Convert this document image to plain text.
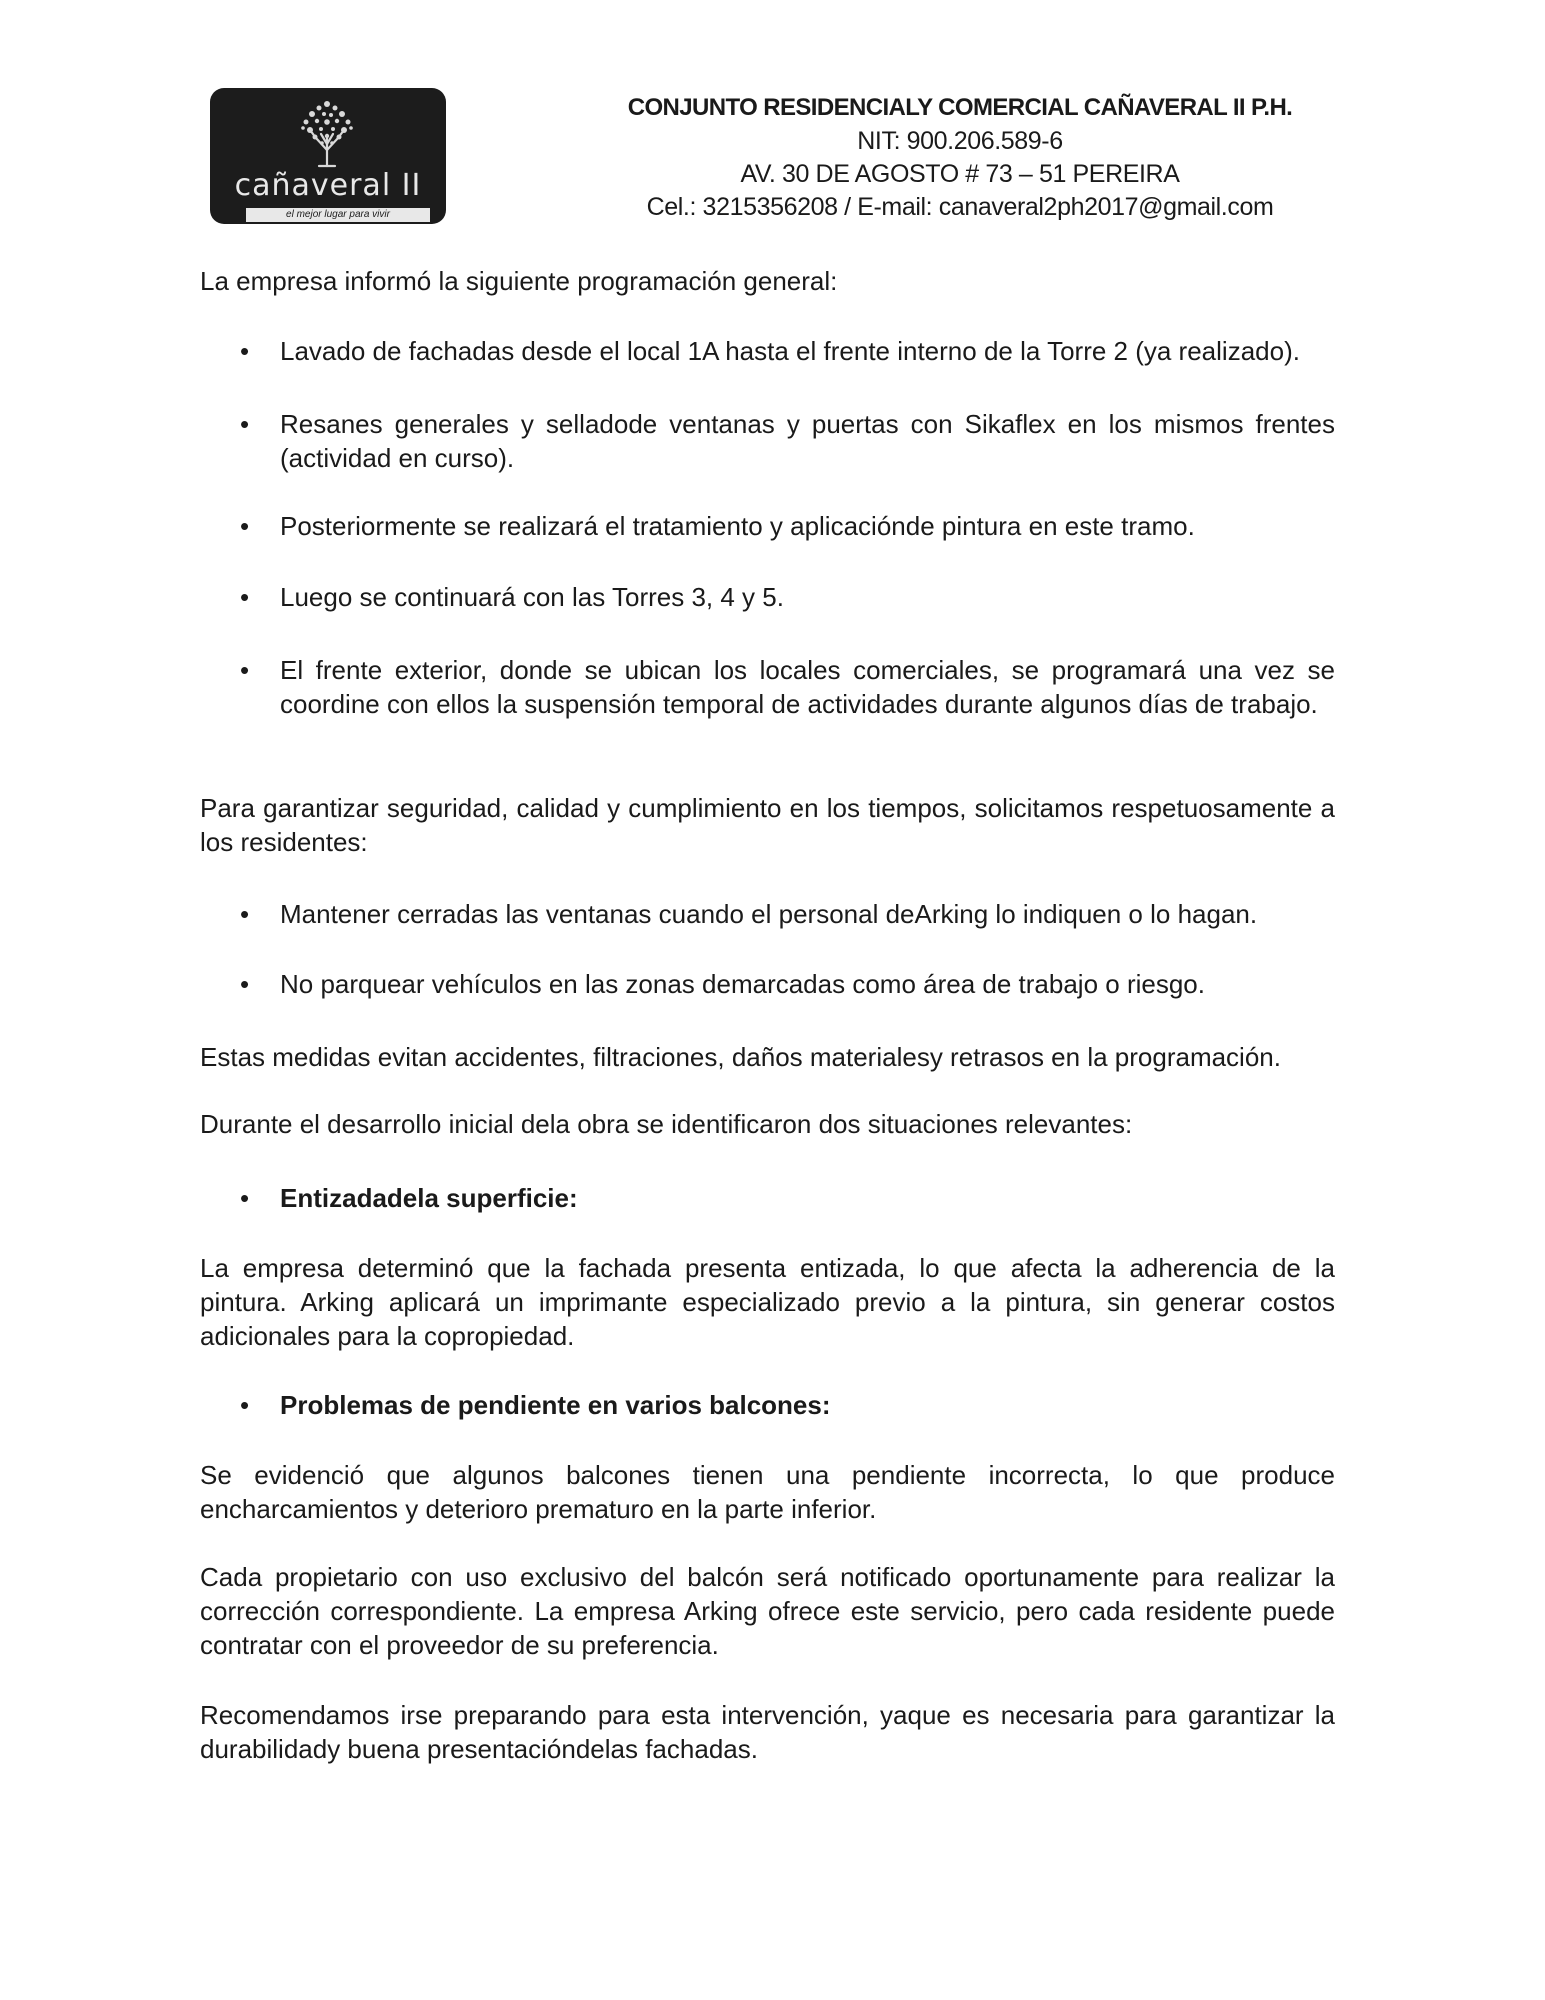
cañaveral II
el mejor lugar para vivir
CONJUNTO RESIDENCIALY COMERCIAL CAÑAVERAL II P.H.
NIT: 900.206.589-6
AV. 30 DE AGOSTO # 73 – 51 PEREIRA
Cel.: 3215356208 / E-mail: canaveral2ph2017@gmail.com

La empresa informó la siguiente programación general:

•	Lavado de fachadas desde el local 1A hasta el frente interno de la Torre 2 (ya realizado).
•	Resanes generales y selladode ventanas y puertas con Sikaflex en los mismos frentes (actividad en curso).
•	Posteriormente se realizará el tratamiento y aplicaciónde pintura en este tramo.
•	Luego se continuará con las Torres 3, 4 y 5.
•	El frente exterior, donde se ubican los locales comerciales, se programará una vez se coordine con ellos la suspensión temporal de actividades durante algunos días de trabajo.

Para garantizar seguridad, calidad y cumplimiento en los tiempos, solicitamos respetuosamente a los residentes:

•	Mantener cerradas las ventanas cuando el personal deArking lo indiquen o lo hagan.
•	No parquear vehículos en las zonas demarcadas como área de trabajo o riesgo.

Estas medidas evitan accidentes, filtraciones, daños materialesy retrasos en la programación.

Durante el desarrollo inicial dela obra se identificaron dos situaciones relevantes:

•	Entizadadela superficie:

La empresa determinó que la fachada presenta entizada, lo que afecta la adherencia de la pintura. Arking aplicará un imprimante especializado previo a la pintura, sin generar costos adicionales para la copropiedad.

•	Problemas de pendiente en varios balcones:

Se evidenció que algunos balcones tienen una pendiente incorrecta, lo que produce encharcamientos y deterioro prematuro en la parte inferior.

Cada propietario con uso exclusivo del balcón será notificado oportunamente para realizar la corrección correspondiente. La empresa Arking ofrece este servicio, pero cada residente puede contratar con el proveedor de su preferencia.

Recomendamos irse preparando para esta intervención, yaque es necesaria para garantizar la durabilidady buena presentacióndelas fachadas.
